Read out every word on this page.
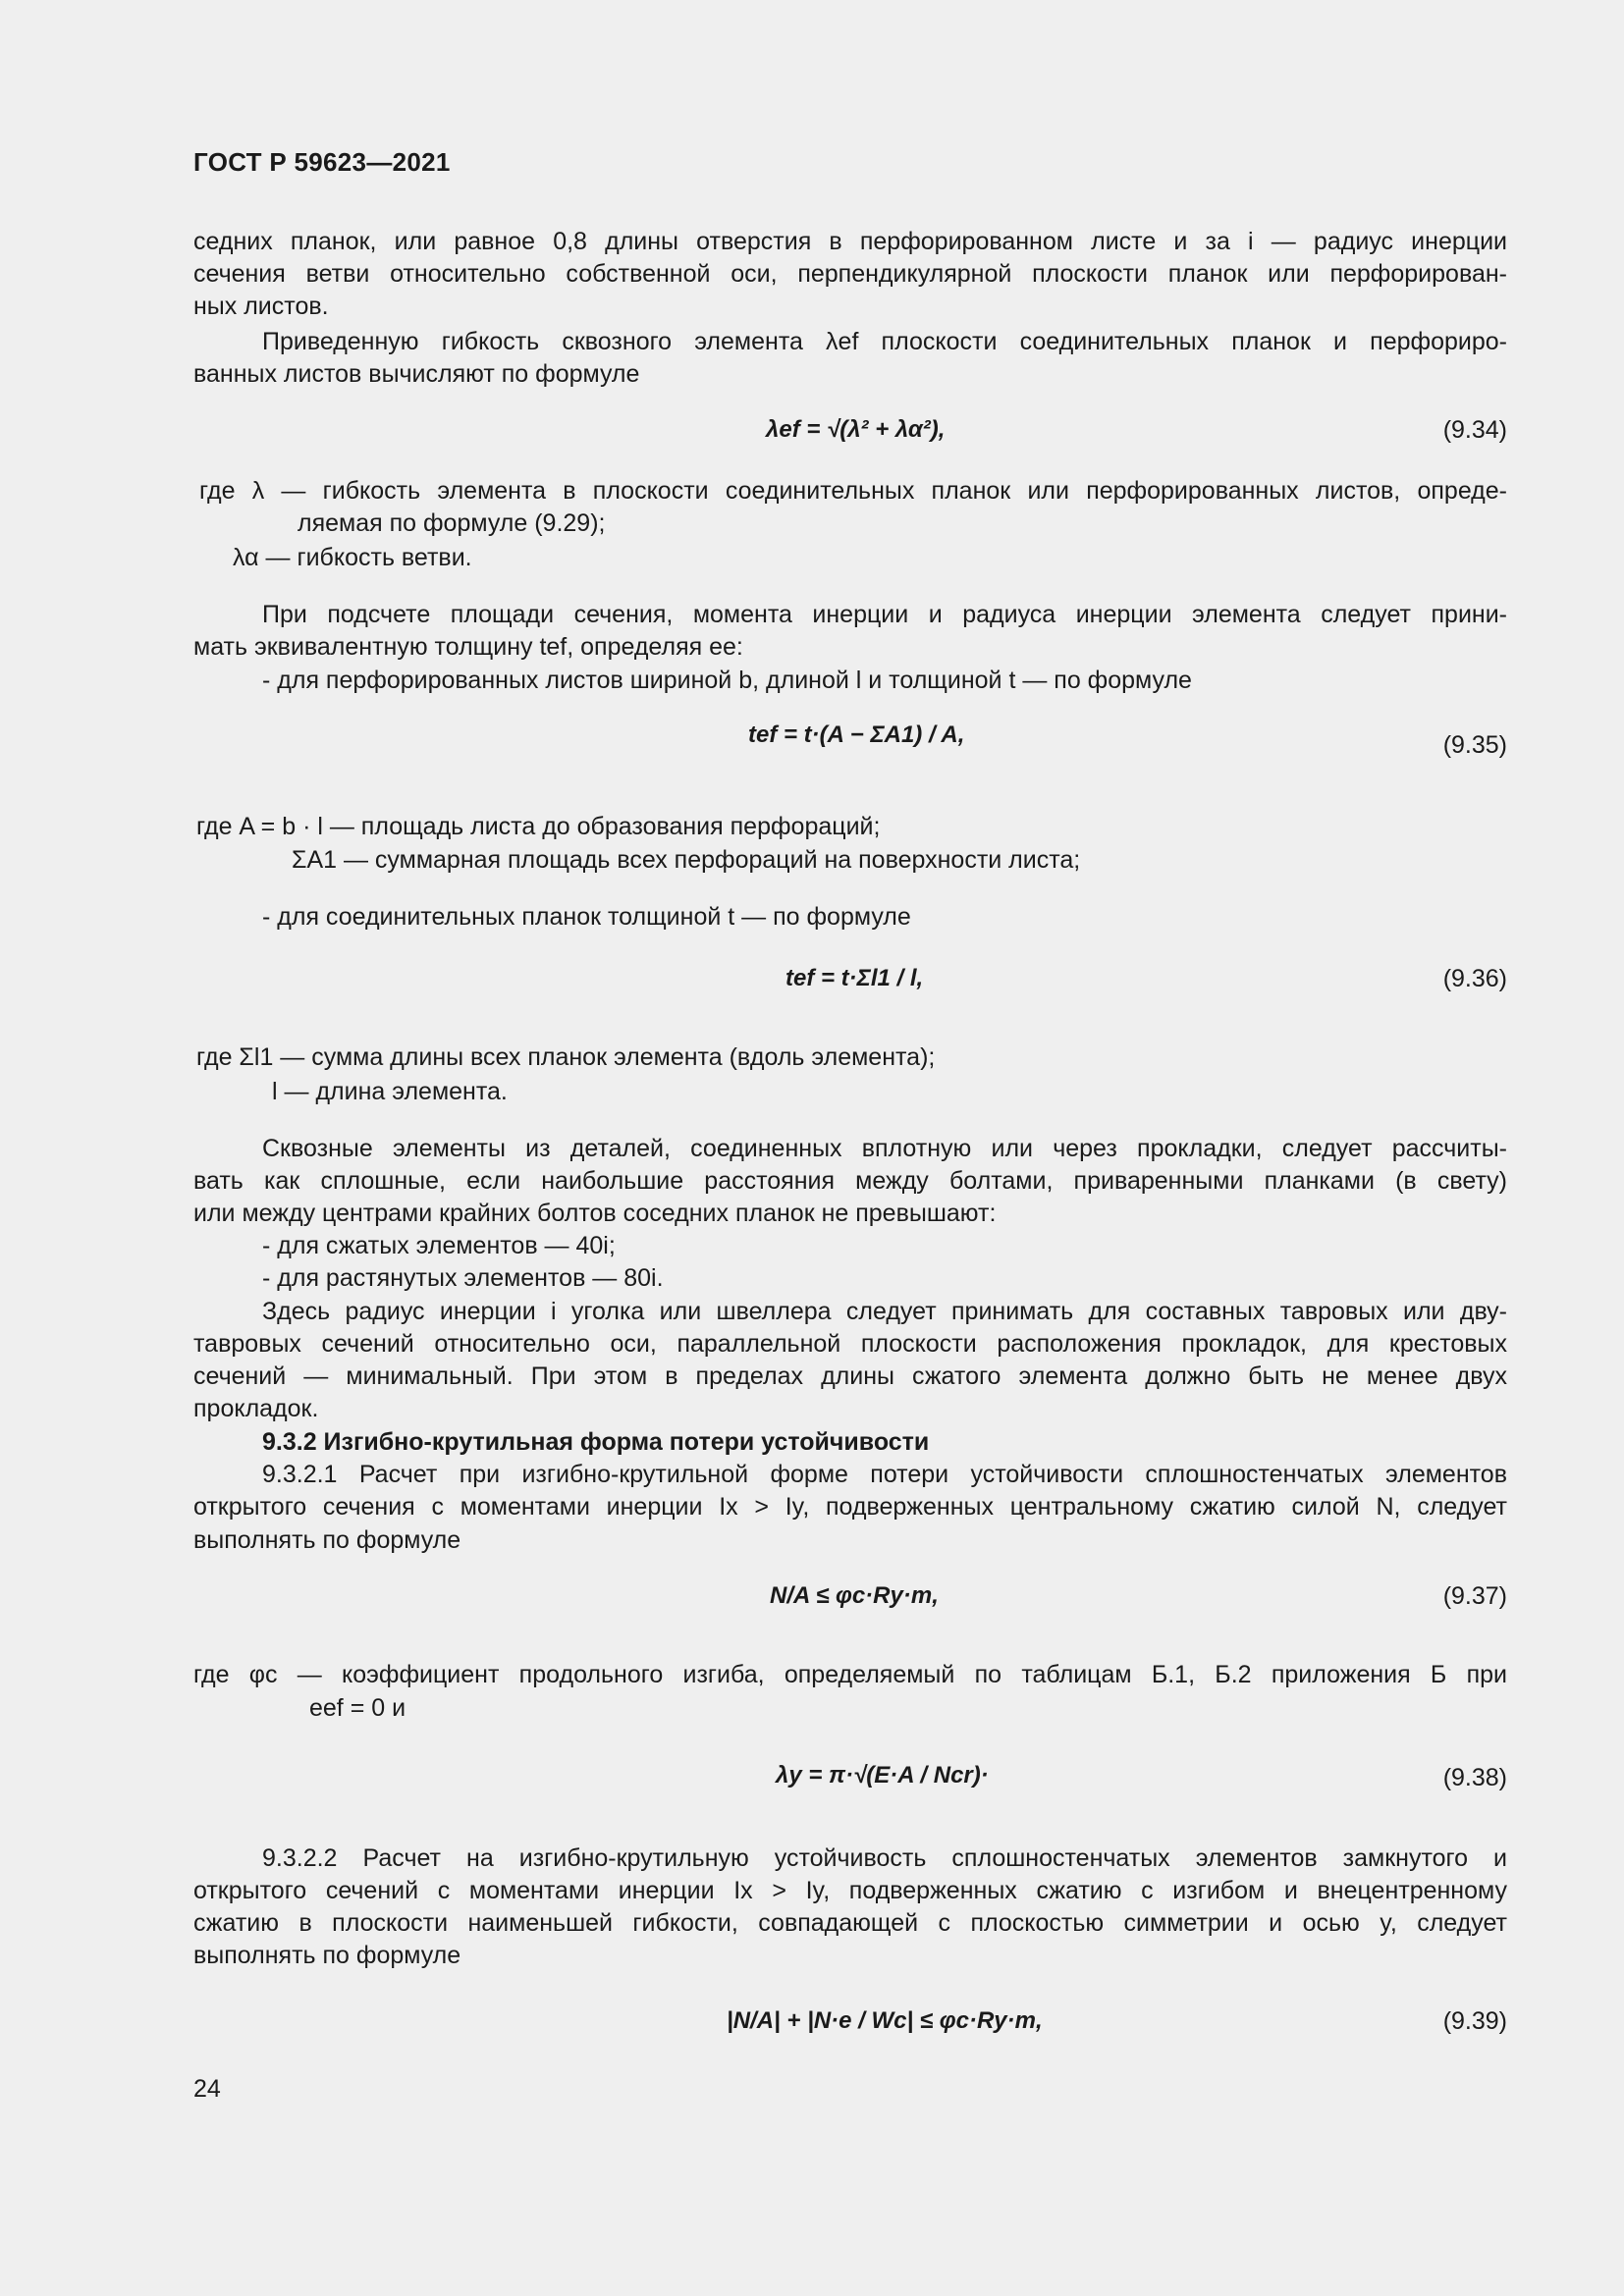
ГОСТ Р 59623—2021
седних планок, или равное 0,8 длины отверстия в перфорированном листе и за i — радиус инерции
сечения ветви относительно собственной оси, перпендикулярной плоскости планок или перфорирован-
ных листов.
Приведенную гибкость сквозного элемента λef плоскости соединительных планок и перфориро-
ванных листов вычисляют по формуле
λef = √(λ² + λα²),	(9.34)
где λ — гибкость элемента в плоскости соединительных планок или перфорированных листов, опреде-
ляемая по формуле (9.29);
λα — гибкость ветви.
При подсчете площади сечения, момента инерции и радиуса инерции элемента следует прини-
мать эквивалентную толщину tef, определяя ее:
- для перфорированных листов шириной b, длиной l и толщиной t — по формуле
tef = t·(A − ΣA1) / A,	(9.35)
где A = b · l — площадь листа до образования перфораций;
ΣA1 — суммарная площадь всех перфораций на поверхности листа;
- для соединительных планок толщиной t — по формуле
tef = t·Σl1 / l,	(9.36)
где Σl1 — сумма длины всех планок элемента (вдоль элемента);
l — длина элемента.
Сквозные элементы из деталей, соединенных вплотную или через прокладки, следует рассчиты-
вать как сплошные, если наибольшие расстояния между болтами, приваренными планками (в свету)
или между центрами крайних болтов соседних планок не превышают:
- для сжатых элементов — 40i;
- для растянутых элементов — 80i.
Здесь радиус инерции i уголка или швеллера следует принимать для составных тавровых или дву-
тавровых сечений относительно оси, параллельной плоскости расположения прокладок, для крестовых
сечений — минимальный. При этом в пределах длины сжатого элемента должно быть не менее двух
прокладок.
9.3.2 Изгибно-крутильная форма потери устойчивости
9.3.2.1 Расчет при изгибно-крутильной форме потери устойчивости сплошностенчатых элементов
открытого сечения с моментами инерции Ix > Iy, подверженных центральному сжатию силой N, следует
выполнять по формуле
N/A ≤ φc·Ry·m,	(9.37)
где φc — коэффициент продольного изгиба, определяемый по таблицам Б.1, Б.2 приложения Б при
eef = 0 и
λy = π·√(E·A / Ncr)·	(9.38)
9.3.2.2 Расчет на изгибно-крутильную устойчивость сплошностенчатых элементов замкнутого и
открытого сечений с моментами инерции Ix > Iy, подверженных сжатию с изгибом и внецентренному
сжатию в плоскости наименьшей гибкости, совпадающей с плоскостью симметрии и осью y, следует
выполнять по формуле
|N/A| + |N·e / Wc| ≤ φc·Ry·m,	(9.39)
24
